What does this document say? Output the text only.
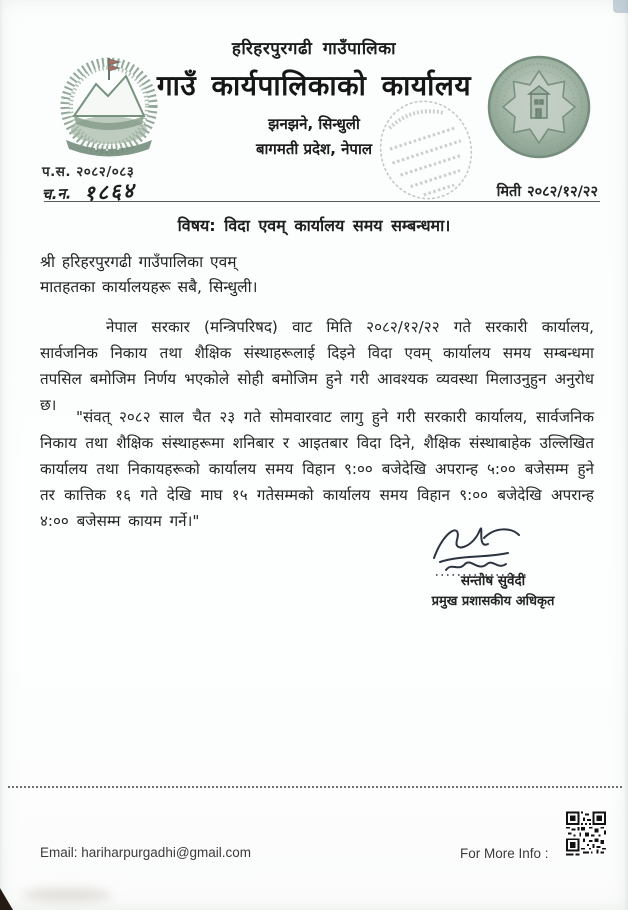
हरिहरपुरगढी गाउँपालिका
गाउँ कार्यपालिकाको कार्यालय
झनझने, सिन्धुली
बागमती प्रदेश, नेपाल
प.स. २०८२/०८३
च.न. १८६४	मिती २०८२/१२/२२
विषय: विदा एवम् कार्यालय समय सम्बन्धमा।
श्री हरिहरपुरगढी गाउँपालिका एवम्
मातहतका कार्यालयहरू सबै, सिन्धुली।
नेपाल सरकार (मन्त्रिपरिषद) वाट मिति २०८२/१२/२२ गते सरकारी कार्यालय, सार्वजनिक निकाय तथा शैक्षिक संस्थाहरूलाई दिइने विदा एवम् कार्यालय समय सम्बन्धमा तपसिल बमोजिम निर्णय भएकोले सोही बमोजिम हुने गरी आवश्यक व्यवस्था मिलाउनुहुन अनुरोध छ।
"संवत् २०८२ साल चैत २३ गते सोमवारवाट लागु हुने गरी सरकारी कार्यालय, सार्वजनिक निकाय तथा शैक्षिक संस्थाहरूमा शनिबार र आइतबार विदा दिने, शैक्षिक संस्थाबाहेक उल्लिखित कार्यालय तथा निकायहरूको कार्यालय समय विहान ९:०० बजेदेखि अपरान्ह ५:०० बजेसम्म हुने तर कात्तिक १६ गते देखि माघ १५ गतेसम्मको कार्यालय समय विहान ९:०० बजेदेखि अपरान्ह ४:०० बजेसम्म कायम गर्ने।"
सन्तोष सुवेदी
प्रमुख प्रशासकीय अधिकृत
Email: hariharpurgadhi@gmail.com	For More Info :
